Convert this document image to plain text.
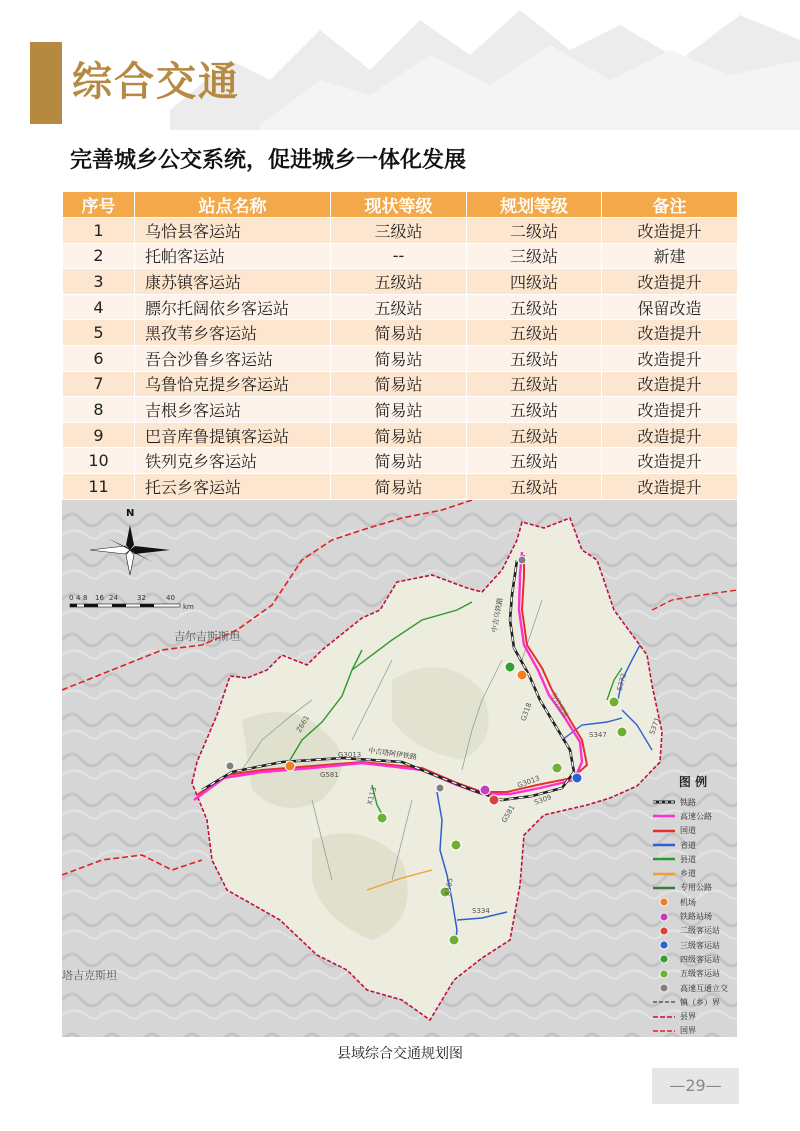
综合交通
完善城乡公交系统，促进城乡一体化发展
序号	站点名称	现状等级	规划等级	备注
1	乌恰县客运站	三级站	二级站	改造提升
2	托帕客运站	--	三级站	新建
3	康苏镇客运站	五级站	四级站	改造提升
4	膘尔托阔依乡客运站	五级站	五级站	保留改造
5	黑孜苇乡客运站	简易站	五级站	改造提升
6	吾合沙鲁乡客运站	简易站	五级站	改造提升
7	乌鲁恰克提乡客运站	简易站	五级站	改造提升
8	吉根乡客运站	简易站	五级站	改造提升
9	巴音库鲁提镇客运站	简易站	五级站	改造提升
10	铁列克乡客运站	简易站	五级站	改造提升
11	托云乡客运站	简易站	五级站	改造提升
N
0 4 8 16 24	32	40
km
吉尔吉斯斯坦
塔吉克斯坦
中吉塔阿伊铁路
中吉乌铁路
G3013
G3013
G581
G581
S309
S334
S347
S372
S371
X113
Z661
G318 乌恰通道
X105
图 例
铁路
高速公路
国道
省道
县道
乡道
专用公路
机场
铁路站场
二级客运站
三级客运站
四级客运站
五级客运站
高速互通立交
镇（乡）界
县界
国界
县域综合交通规划图
—29—
